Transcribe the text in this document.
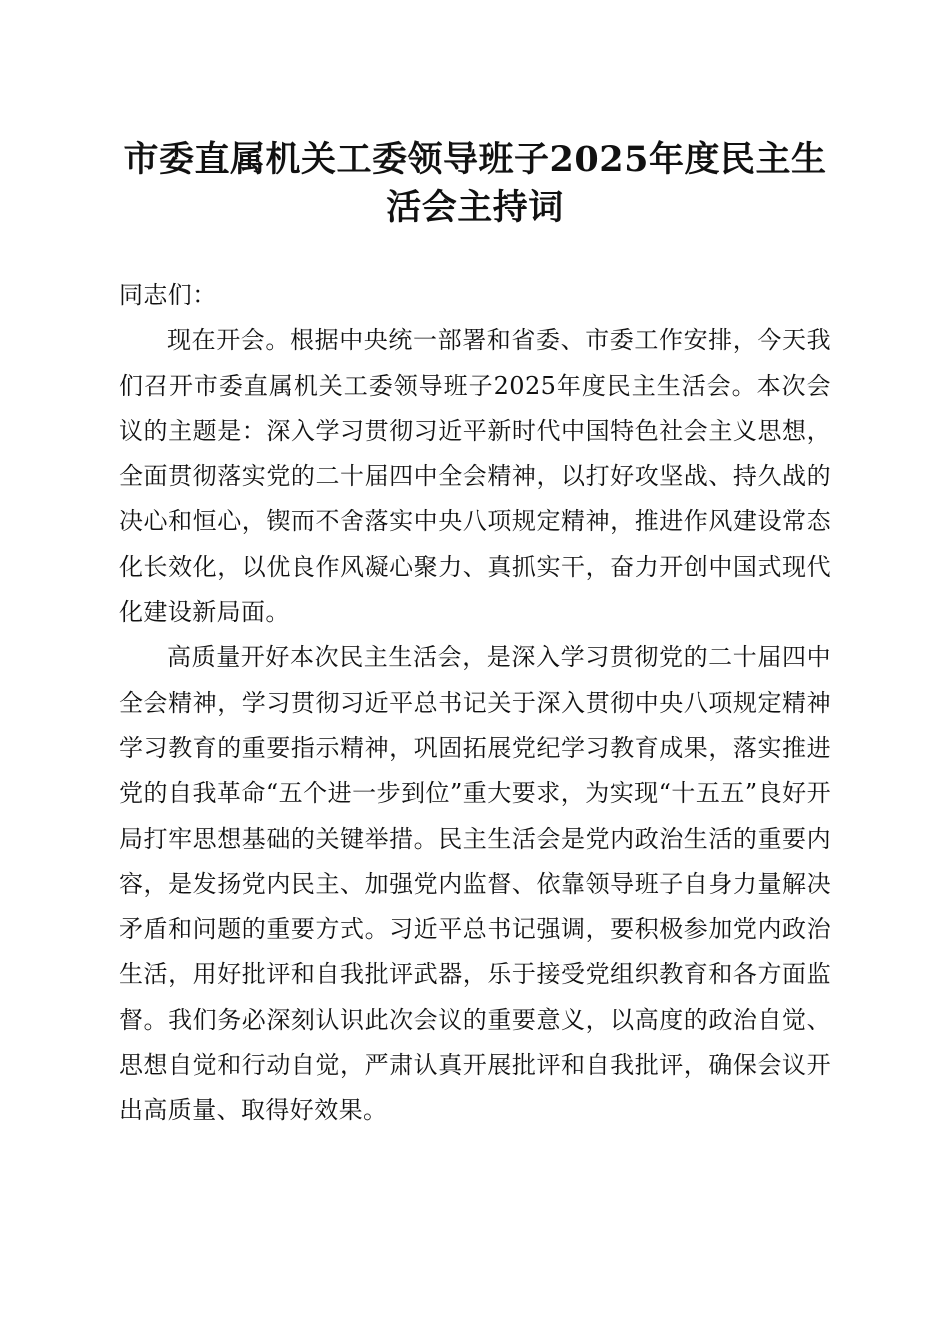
市委直属机关工委领导班子2025年度民主生活会主持词

同志们：

现在开会。根据中央统一部署和省委、市委工作安排，今天我们召开市委直属机关工委领导班子2025年度民主生活会。本次会议的主题是：深入学习贯彻习近平新时代中国特色社会主义思想，全面贯彻落实党的二十届四中全会精神，以打好攻坚战、持久战的决心和恒心，锲而不舍落实中央八项规定精神，推进作风建设常态化长效化，以优良作风凝心聚力、真抓实干，奋力开创中国式现代化建设新局面。

高质量开好本次民主生活会，是深入学习贯彻党的二十届四中全会精神，学习贯彻习近平总书记关于深入贯彻中央八项规定精神学习教育的重要指示精神，巩固拓展党纪学习教育成果，落实推进党的自我革命“五个进一步到位”重大要求，为实现“十五五”良好开局打牢思想基础的关键举措。民主生活会是党内政治生活的重要内容，是发扬党内民主、加强党内监督、依靠领导班子自身力量解决矛盾和问题的重要方式。习近平总书记强调，要积极参加党内政治生活，用好批评和自我批评武器，乐于接受党组织教育和各方面监督。我们务必深刻认识此次会议的重要意义，以高度的政治自觉、思想自觉和行动自觉，严肃认真开展批评和自我批评，确保会议开出高质量、取得好效果。
